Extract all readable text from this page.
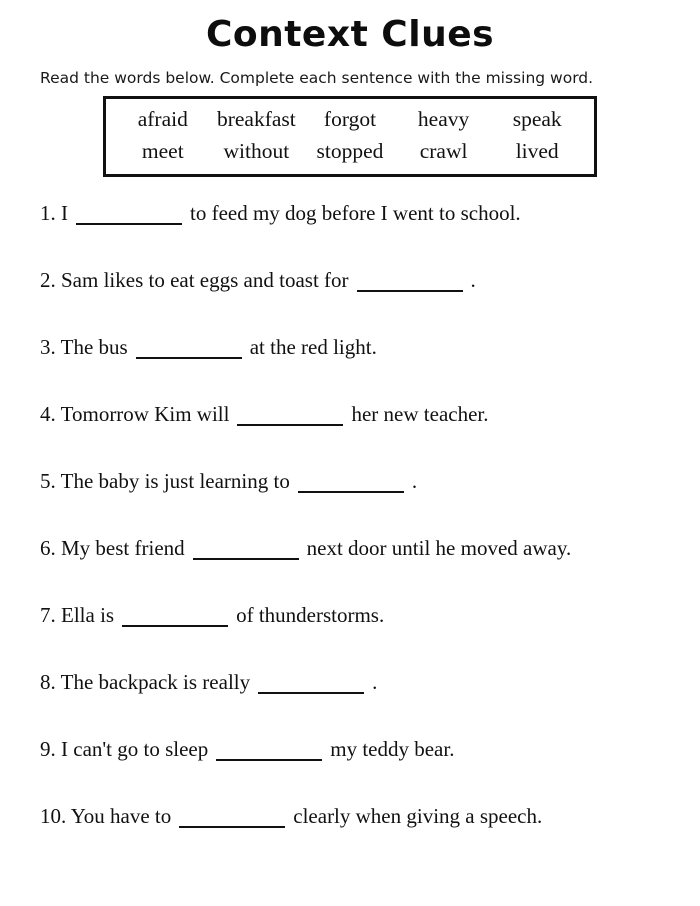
Context Clues
Read the words below. Complete each sentence with the missing word.
afraid	breakfast	forgot	heavy	speak
meet	without	stopped	crawl	lived
1. I	to feed my dog before I went to school.
2. Sam likes to eat eggs and toast for	.
3. The bus	at the red light.
4. Tomorrow Kim will	her new teacher.
5. The baby is just learning to	.
6. My best friend	next door until he moved away.
7. Ella is	of thunderstorms.
8. The backpack is really	.
9. I can't go to sleep	my teddy bear.
10. You have to	clearly when giving a speech.
